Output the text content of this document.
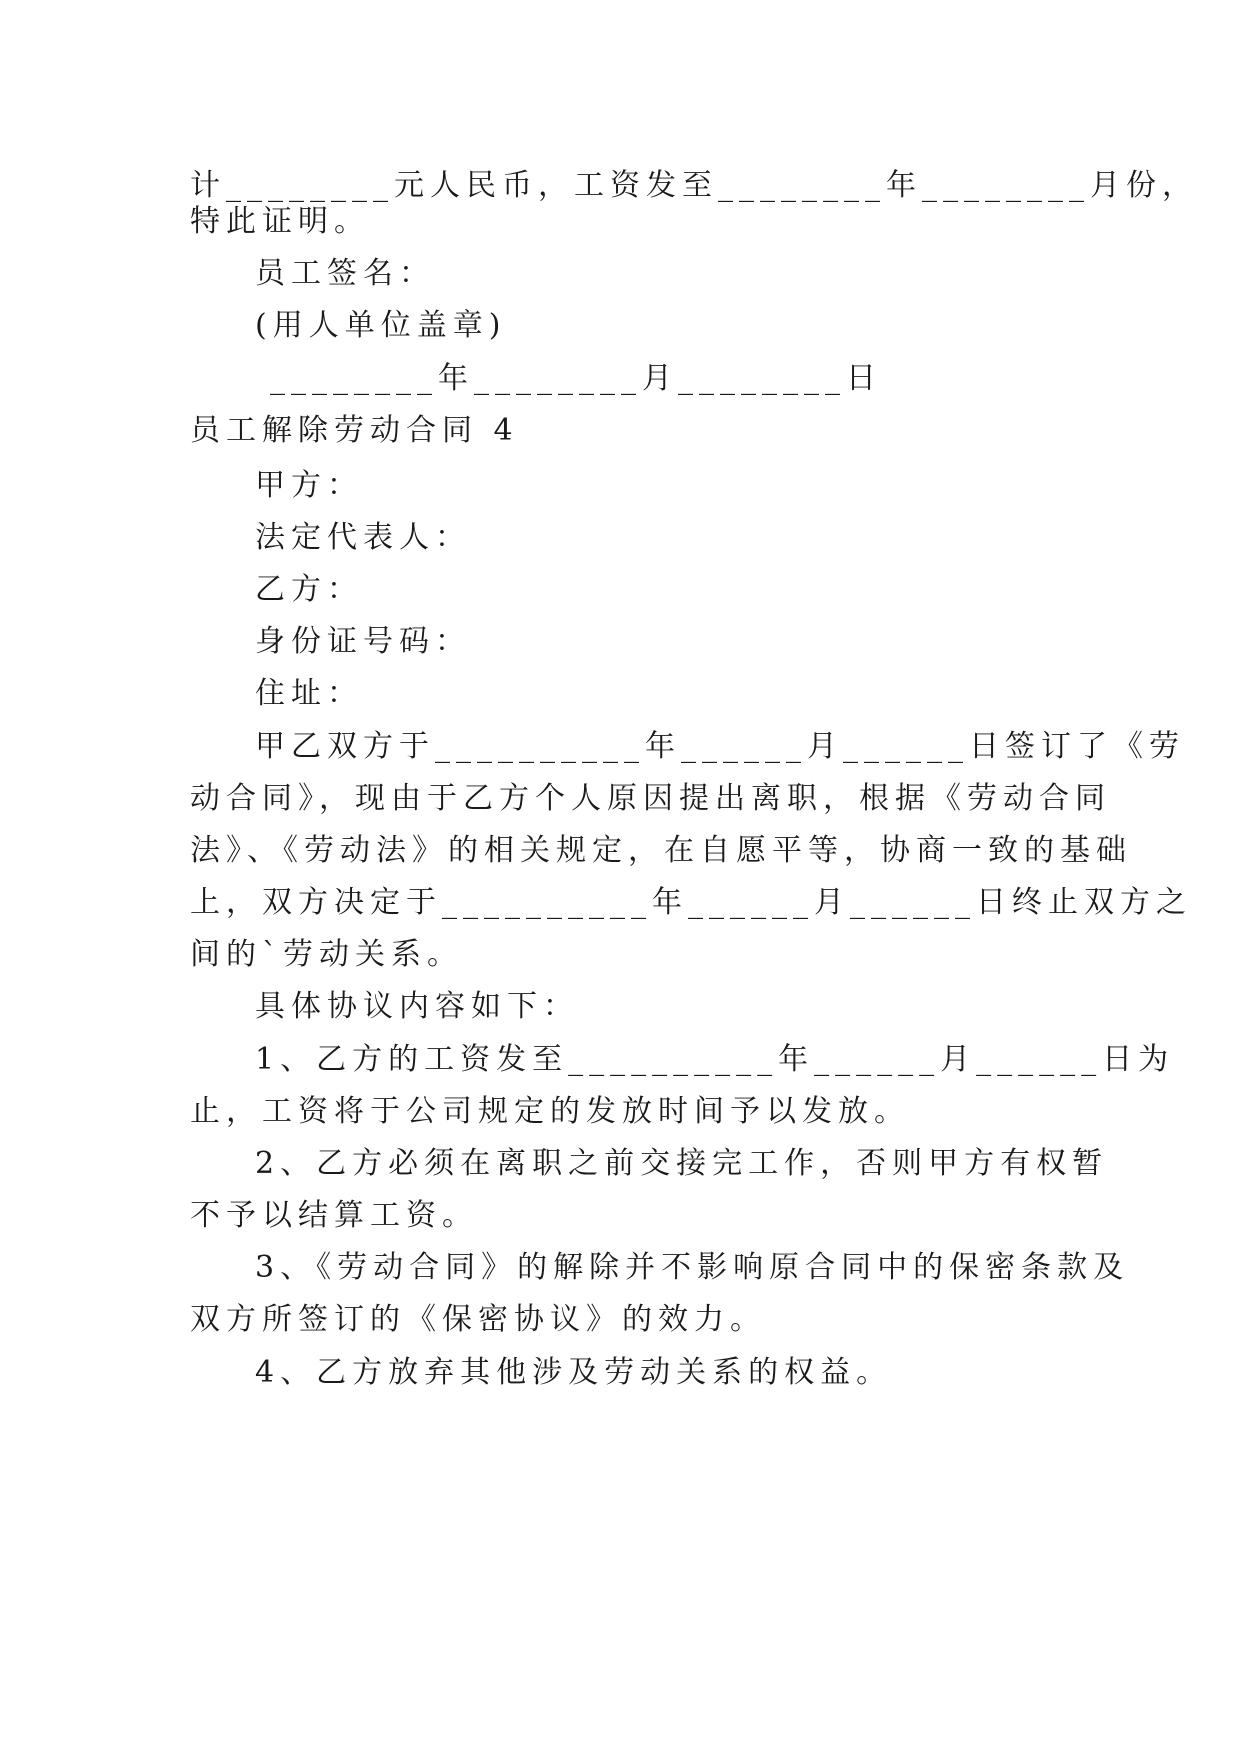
计________元人民币，工资发至________年________月份，
特此证明。
员工签名：
(用人单位盖章)
________年________月________日
员工解除劳动合同 4
甲方：
法定代表人：
乙方：
身份证号码：
住址：
甲乙双方于__________年______月______日签订了《劳
动合同》，现由于乙方个人原因提出离职，根据《劳动合同
法》、《劳动法》的相关规定，在自愿平等，协商一致的基础
上，双方决定于__________年______月______日终止双方之
间的`劳动关系。
具体协议内容如下：
1、乙方的工资发至__________年______月______日为
止，工资将于公司规定的发放时间予以发放。
2、乙方必须在离职之前交接完工作，否则甲方有权暂
不予以结算工资。
3、《劳动合同》的解除并不影响原合同中的保密条款及
双方所签订的《保密协议》的效力。
4、乙方放弃其他涉及劳动关系的权益。
